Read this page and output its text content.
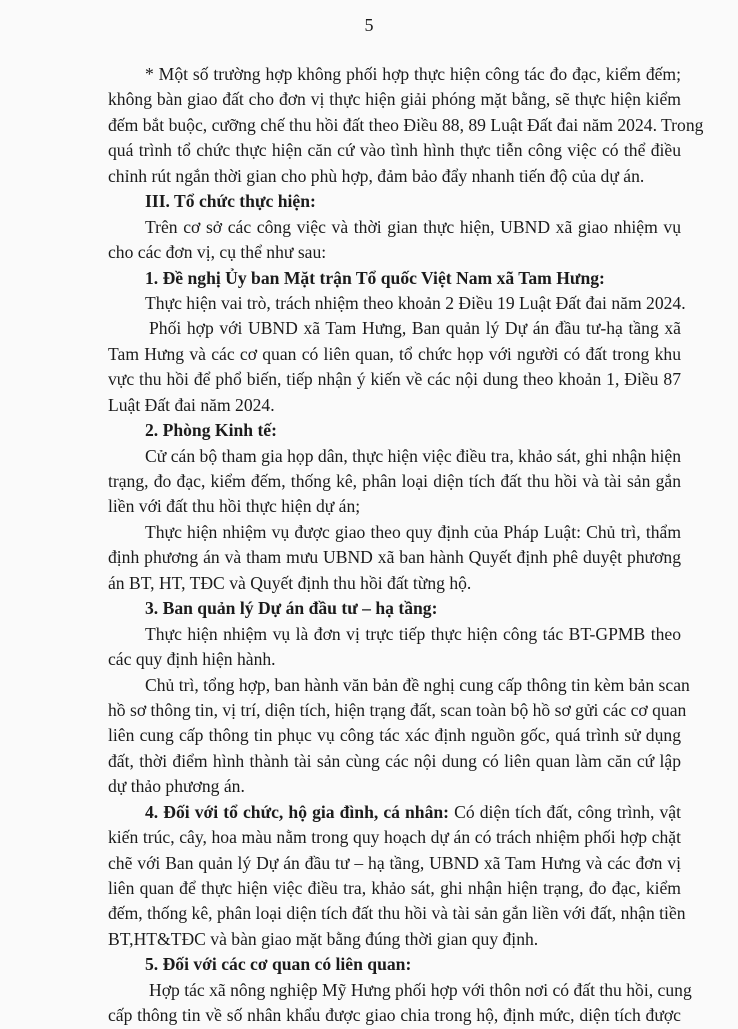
5
* Một số trường hợp không phối hợp thực hiện công tác đo đạc, kiểm đếm;
không bàn giao đất cho đơn vị thực hiện giải phóng mặt bằng, sẽ thực hiện kiểm
đếm bắt buộc, cưỡng chế thu hồi đất theo Điều 88, 89 Luật Đất đai năm 2024. Trong
quá trình tổ chức thực hiện căn cứ vào tình hình thực tiễn công việc có thể điều
chỉnh rút ngắn thời gian cho phù hợp, đảm bảo đẩy nhanh tiến độ của dự án.
III. Tổ chức thực hiện:
Trên cơ sở các công việc và thời gian thực hiện, UBND xã giao nhiệm vụ
cho các đơn vị, cụ thể như sau:
1. Đề nghị Ủy ban Mặt trận Tổ quốc Việt Nam xã Tam Hưng:
Thực hiện vai trò, trách nhiệm theo khoản 2 Điều 19 Luật Đất đai năm 2024.
Phối hợp với UBND xã Tam Hưng, Ban quản lý Dự án đầu tư-hạ tầng xã
Tam Hưng và các cơ quan có liên quan, tổ chức họp với người có đất trong khu
vực thu hồi để phổ biến, tiếp nhận ý kiến về các nội dung theo khoản 1, Điều 87
Luật Đất đai năm 2024.
2. Phòng Kinh tế:
Cử cán bộ tham gia họp dân, thực hiện việc điều tra, khảo sát, ghi nhận hiện
trạng, đo đạc, kiểm đếm, thống kê, phân loại diện tích đất thu hồi và tài sản gắn
liền với đất thu hồi thực hiện dự án;
Thực hiện nhiệm vụ được giao theo quy định của Pháp Luật: Chủ trì, thẩm
định phương án và tham mưu UBND xã ban hành Quyết định phê duyệt phương
án BT, HT, TĐC và Quyết định thu hồi đất từng hộ.
3. Ban quản lý Dự án đầu tư – hạ tầng:
Thực hiện nhiệm vụ là đơn vị trực tiếp thực hiện công tác BT-GPMB theo
các quy định hiện hành.
Chủ trì, tổng hợp, ban hành văn bản đề nghị cung cấp thông tin kèm bản scan
hồ sơ thông tin, vị trí, diện tích, hiện trạng đất, scan toàn bộ hồ sơ gửi các cơ quan
liên cung cấp thông tin phục vụ công tác xác định nguồn gốc, quá trình sử dụng
đất, thời điểm hình thành tài sản cùng các nội dung có liên quan làm căn cứ lập
dự thảo phương án.
4. Đối với tổ chức, hộ gia đình, cá nhân: Có diện tích đất, công trình, vật
kiến trúc, cây, hoa màu nằm trong quy hoạch dự án có trách nhiệm phối hợp chặt
chẽ với Ban quản lý Dự án đầu tư – hạ tầng, UBND xã Tam Hưng và các đơn vị
liên quan để thực hiện việc điều tra, khảo sát, ghi nhận hiện trạng, đo đạc, kiểm
đếm, thống kê, phân loại diện tích đất thu hồi và tài sản gắn liền với đất, nhận tiền
BT,HT&TĐC và bàn giao mặt bằng đúng thời gian quy định.
5. Đối với các cơ quan có liên quan:
Hợp tác xã nông nghiệp Mỹ Hưng phối hợp với thôn nơi có đất thu hồi, cung
cấp thông tin về số nhân khẩu được giao chia trong hộ, định mức, diện tích được
